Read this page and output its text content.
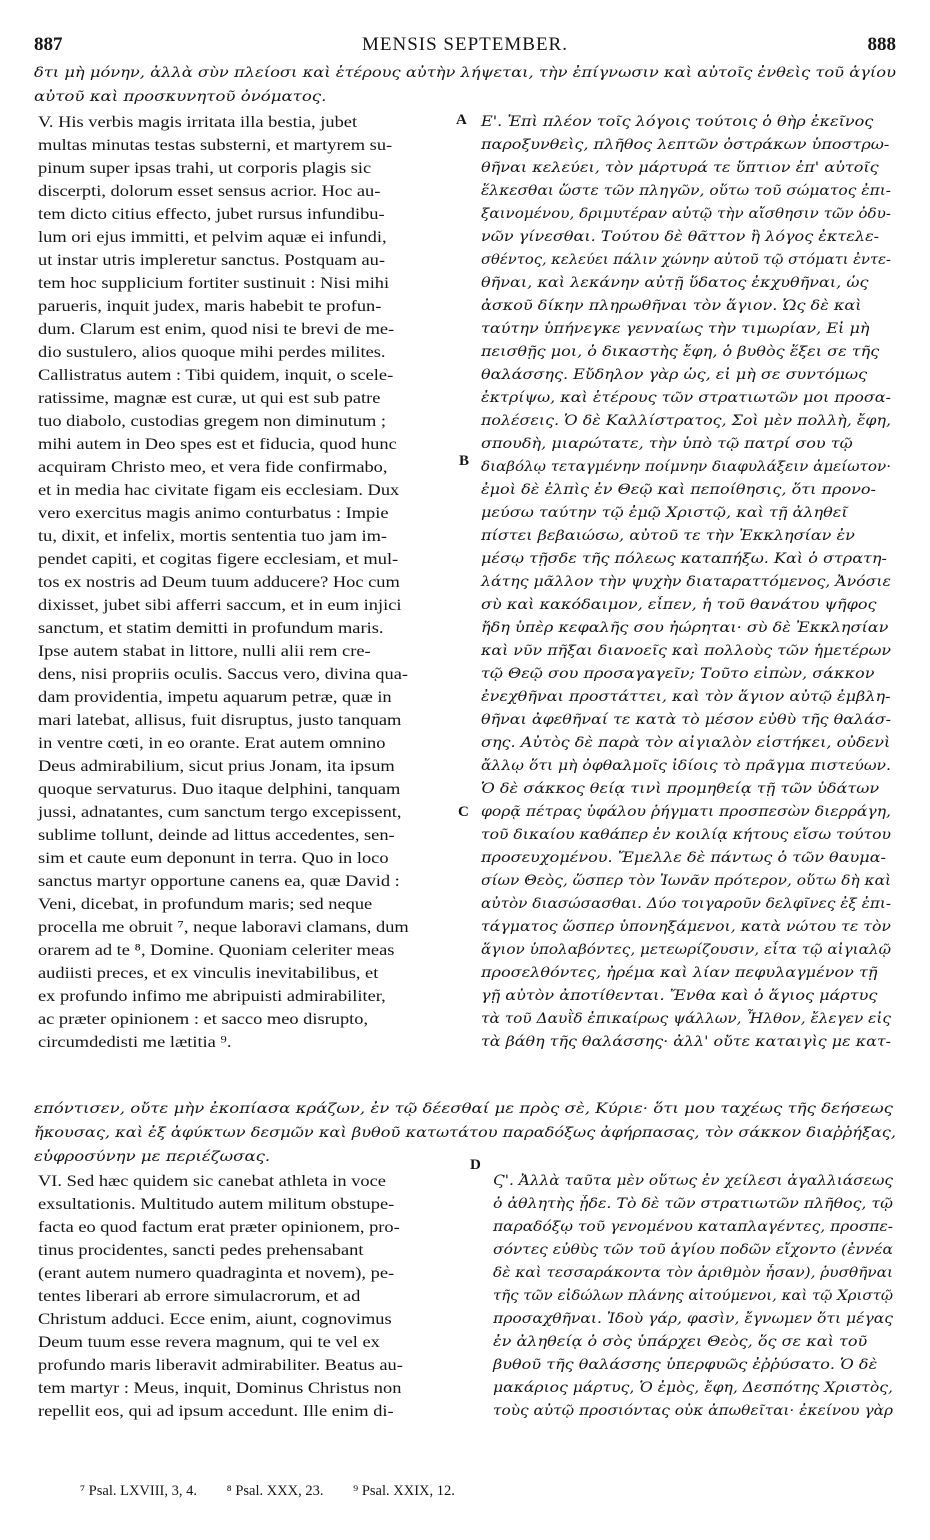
887	MENSIS SEPTEMBER.	888
δτι μὴ μόνην, ἀλλὰ σὺν πλείοσι καὶ ἑτέρους αὐτὴν λήψεται, τὴν ἐπίγνωσιν καὶ αὐτοῖς ἐνθεὶς τοῦ ἁγίου
αὐτοῦ καὶ προσκυνητοῦ ὀνόματος.
V. His verbis magis irritata illa bestia, jubet
multas minutas testas substerni, et martyrem su-
pinum super ipsas trahi, ut corporis plagis sic
discerpti, dolorum esset sensus acrior. Hoc au-
tem dicto citius effecto, jubet rursus infundibu-
lum ori ejus immitti, et pelvim aquæ ei infundi,
ut instar utris impleretur sanctus. Postquam au-
tem hoc supplicium fortiter sustinuit : Nisi mihi
parueris, inquit judex, maris habebit te profun-
dum. Clarum est enim, quod nisi te brevi de me-
dio sustulero, alios quoque mihi perdes milites.
Callistratus autem : Tibi quidem, inquit, o scele-
ratissime, magnæ est curæ, ut qui est sub patre
tuo diabolo, custodias gregem non diminutum ;
mihi autem in Deo spes est et fiducia, quod hunc
acquiram Christo meo, et vera fide confirmabo,
et in media hac civitate figam eis ecclesiam. Dux
vero exercitus magis animo conturbatus : Impie
tu, dixit, et infelix, mortis sententia tuo jam im-
pendet capiti, et cogitas figere ecclesiam, et mul-
tos ex nostris ad Deum tuum adducere? Hoc cum
dixisset, jubet sibi afferri saccum, et in eum injici
sanctum, et statim demitti in profundum maris.
Ipse autem stabat in littore, nulli alii rem cre-
dens, nisi propriis oculis. Saccus vero, divina qua-
dam providentia, impetu aquarum petræ, quæ in
mari latebat, allisus, fuit disruptus, justo tanquam
in ventre cœti, in eo orante. Erat autem omnino
Deus admirabilium, sicut prius Jonam, ita ipsum
quoque servaturus. Duo itaque delphini, tanquam
jussi, adnatantes, cum sanctum tergo excepissent,
sublime tollunt, deinde ad littus accedentes, sen-
sim et caute eum deponunt in terra. Quo in loco
sanctus martyr opportune canens ea, quæ David :
Veni, dicebat, in profundum maris; sed neque
procella me obruit ⁷, neque laboravi clamans, dum
orarem ad te ⁸, Domine. Quoniam celeriter meas
audiisti preces, et ex vinculis inevitabilibus, et
ex profundo infimo me abripuisti admirabiliter,
ac præter opinionem : et sacco meo disrupto,
circumdedisti me lætitia ⁹.
Ε'. Ἐπὶ πλέον τοῖς λόγοις τούτοις ὁ θὴρ ἐκεῖνος
παροξυνθεὶς, πλῆθος λεπτῶν ὀστράκων ὑποστρω-
θῆναι κελεύει, τὸν μάρτυρά τε ὕπτιον ἐπ' αὐτοῖς
ἕλκεσθαι ὥστε τῶν πληγῶν, οὕτω τοῦ σώματος ἐπι-
ξαινομένου, δριμυτέραν αὐτῷ τὴν αἴσθησιν τῶν ὀδυ-
νῶν γίνεσθαι. Τούτου δὲ θᾶττον ἢ λόγος ἐκτελε-
σθέντος, κελεύει πάλιν χώνην αὐτοῦ τῷ στόματι ἐντε-
θῆναι, καὶ λεκάνην αὐτῇ ὕδατος ἐκχυθῆναι, ὡς
ἀσκοῦ δίκην πληρωθῆναι τὸν ἅγιον. Ὡς δὲ καὶ
ταύτην ὑπήνεγκε γενναίως τὴν τιμωρίαν, Εἰ μὴ
πεισθῇς μοι, ὁ δικαστὴς ἔφη, ὁ βυθὸς ἕξει σε τῆς
θαλάσσης. Εὔδηλον γὰρ ὡς, εἰ μὴ σε συντόμως
ἐκτρίψω, καὶ ἑτέρους τῶν στρατιωτῶν μοι προσα-
πολέσεις. Ὁ δὲ Καλλίστρατος, Σοὶ μὲν πολλὴ, ἔφη,
σπουδὴ, μιαρώτατε, τὴν ὑπὸ τῷ πατρί σου τῷ
διαβόλῳ τεταγμένην ποίμνην διαφυλάξειν ἀμείωτον·
ἐμοὶ δὲ ἐλπὶς ἐν Θεῷ καὶ πεποίθησις, ὅτι προνο-
μεύσω ταύτην τῷ ἐμῷ Χριστῷ, καὶ τῇ ἀληθεῖ
πίστει βεβαιώσω, αὐτοῦ τε τὴν Ἐκκλησίαν ἐν
μέσῳ τῇσδε τῆς πόλεως καταπήξω. Καὶ ὁ στρατη-
λάτης μᾶλλον τὴν ψυχὴν διαταραττόμενος, Ἀνόσιε
σὺ καὶ κακόδαιμον, εἶπεν, ἡ τοῦ θανάτου ψῆφος
ἤδη ὑπὲρ κεφαλῆς σου ἠώρηται· σὺ δὲ Ἐκκλησίαν
καὶ νῦν πῆξαι διανοεῖς καὶ πολλοὺς τῶν ἡμετέρων
τῷ Θεῷ σου προσαγαγεῖν; Τοῦτο εἰπὼν, σάκκον
ἐνεχθῆναι προστάττει, καὶ τὸν ἅγιον αὐτῷ ἐμβλη-
θῆναι ἀφεθῆναί τε κατὰ τὸ μέσον εὐθὺ τῆς θαλάσ-
σης. Αὐτὸς δὲ παρὰ τὸν αἰγιαλὸν εἱστήκει, οὐδενὶ
ἄλλῳ ὅτι μὴ ὀφθαλμοῖς ἰδίοις τὸ πρᾶγμα πιστεύων.
Ὁ δὲ σάκκος θείᾳ τινὶ προμηθείᾳ τῇ τῶν ὑδάτων
φορᾷ πέτρας ὑφάλου ῥήγματι προσπεσὼν διερράγη,
τοῦ δικαίου καθάπερ ἐν κοιλίᾳ κήτους εἴσω τούτου
προσευχομένου. Ἔμελλε δὲ πάντως ὁ τῶν θαυμα-
σίων Θεὸς, ὥσπερ τὸν Ἰωνᾶν πρότερον, οὕτω δὴ καὶ
αὐτὸν διασώσασθαι. Δύο τοιγαροῦν δελφῖνες ἐξ ἐπι-
τάγματος ὥσπερ ὑπονηξάμενοι, κατὰ νώτου τε τὸν
ἅγιον ὑπολαβόντες, μετεωρίζουσιν, εἶτα τῷ αἰγιαλῷ
προσελθόντες, ἠρέμα καὶ λίαν πεφυλαγμένον τῇ
γῇ αὐτὸν ἀποτίθενται. Ἔνθα καὶ ὁ ἅγιος μάρτυς
τὰ τοῦ Δαυῒδ ἐπικαίρως ψάλλων, Ἦλθον, ἔλεγεν εἰς
τὰ βάθη τῆς θαλάσσης· ἀλλ' οὔτε καταιγὶς με κατ-
A
B
C
D
επόντισεν, οὔτε μὴν ἐκοπίασα κράζων, ἐν τῷ δέεσθαί με πρὸς σὲ, Κύριε· ὅτι μου ταχέως τῆς δεήσεως
ἤκουσας, καὶ ἐξ ἀφύκτων δεσμῶν καὶ βυθοῦ κατωτάτου παραδόξως ἀφήρπασας, τὸν σάκκον διαῤῥήξας,
εὐφροσύνην με περιέζωσας.
VI. Sed hæc quidem sic canebat athleta in voce
exsultationis. Multitudo autem militum obstupe-
facta eo quod factum erat præter opinionem, pro-
tinus procidentes, sancti pedes prehensabant
(erant autem numero quadraginta et novem), pe-
tentes liberari ab errore simulacrorum, et ad
Christum adduci. Ecce enim, aiunt, cognovimus
Deum tuum esse revera magnum, qui te vel ex
profundo maris liberavit admirabiliter. Beatus au-
tem martyr : Meus, inquit, Dominus Christus non
repellit eos, qui ad ipsum accedunt. Ille enim di-
Ϛ'. Ἀλλὰ ταῦτα μὲν οὕτως ἐν χείλεσι ἀγαλλιάσεως
ὁ ἀθλητὴς ᾖδε. Τὸ δὲ τῶν στρατιωτῶν πλῆθος, τῷ
παραδόξῳ τοῦ γενομένου καταπλαγέντες, προσπε-
σόντες εὐθὺς τῶν τοῦ ἁγίου ποδῶν εἴχοντο (ἐννέα
δὲ καὶ τεσσαράκοντα τὸν ἀριθμὸν ἦσαν), ῥυσθῆναι
τῆς τῶν εἰδώλων πλάνης αἰτούμενοι, καὶ τῷ Χριστῷ
προσαχθῆναι. Ἰδοὺ γάρ, φασὶν, ἔγνωμεν ὅτι μέγας
ἐν ἀληθείᾳ ὁ σὸς ὑπάρχει Θεὸς, ὅς σε καὶ τοῦ
βυθοῦ τῆς θαλάσσης ὑπερφυῶς ἐῤῥύσατο. Ὁ δὲ
μακάριος μάρτυς, Ὁ ἐμὸς, ἔφη, Δεσπότης Χριστὸς,
τοὺς αὐτῷ προσιόντας οὐκ ἀπωθεῖται· ἐκείνου γὰρ
⁷ Psal. LXVIII, 3, 4. ⁸ Psal. XXX, 23. ⁹ Psal. XXIX, 12.
